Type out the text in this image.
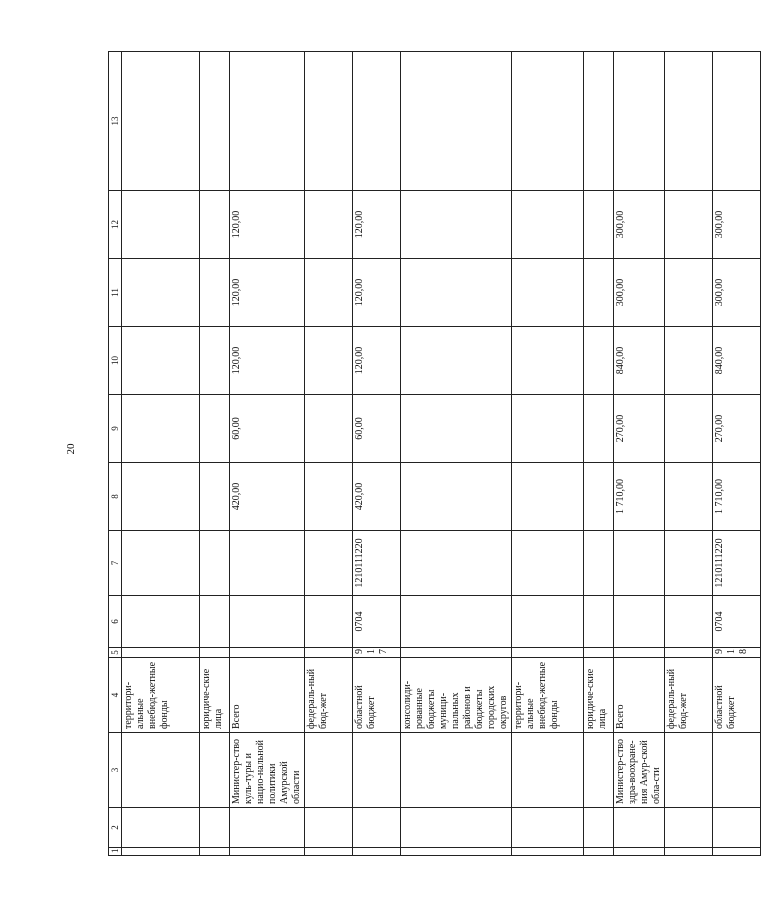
20
1	2	3	4	5	6	7	8	9	10	11	12	13
			территори-альные внебюд-жетные фонды									
			юридиче-ские лица									
		Министер-ство куль-туры и нацио-нальной политики Амурской области	Всего				420,00	60,00	120,00	120,00	120,00	
			федераль-ный бюд-жет									
			областной бюджет	917	0704	1210111220	420,00	60,00	120,00	120,00	120,00	
			консолиди-рованные бюджеты муници-пальных районов и бюджеты городских округов									
			территори-альные внебюд-жетные фонды									
			юридиче-ские лица									
		Министер-ство здра-воохране-ния Амур-ской обла-сти	Всего				1 710,00	270,00	840,00	300,00	300,00	
			федераль-ный бюд-жет									
			областной бюджет	918	0704	1210111220	1 710,00	270,00	840,00	300,00	300,00	
